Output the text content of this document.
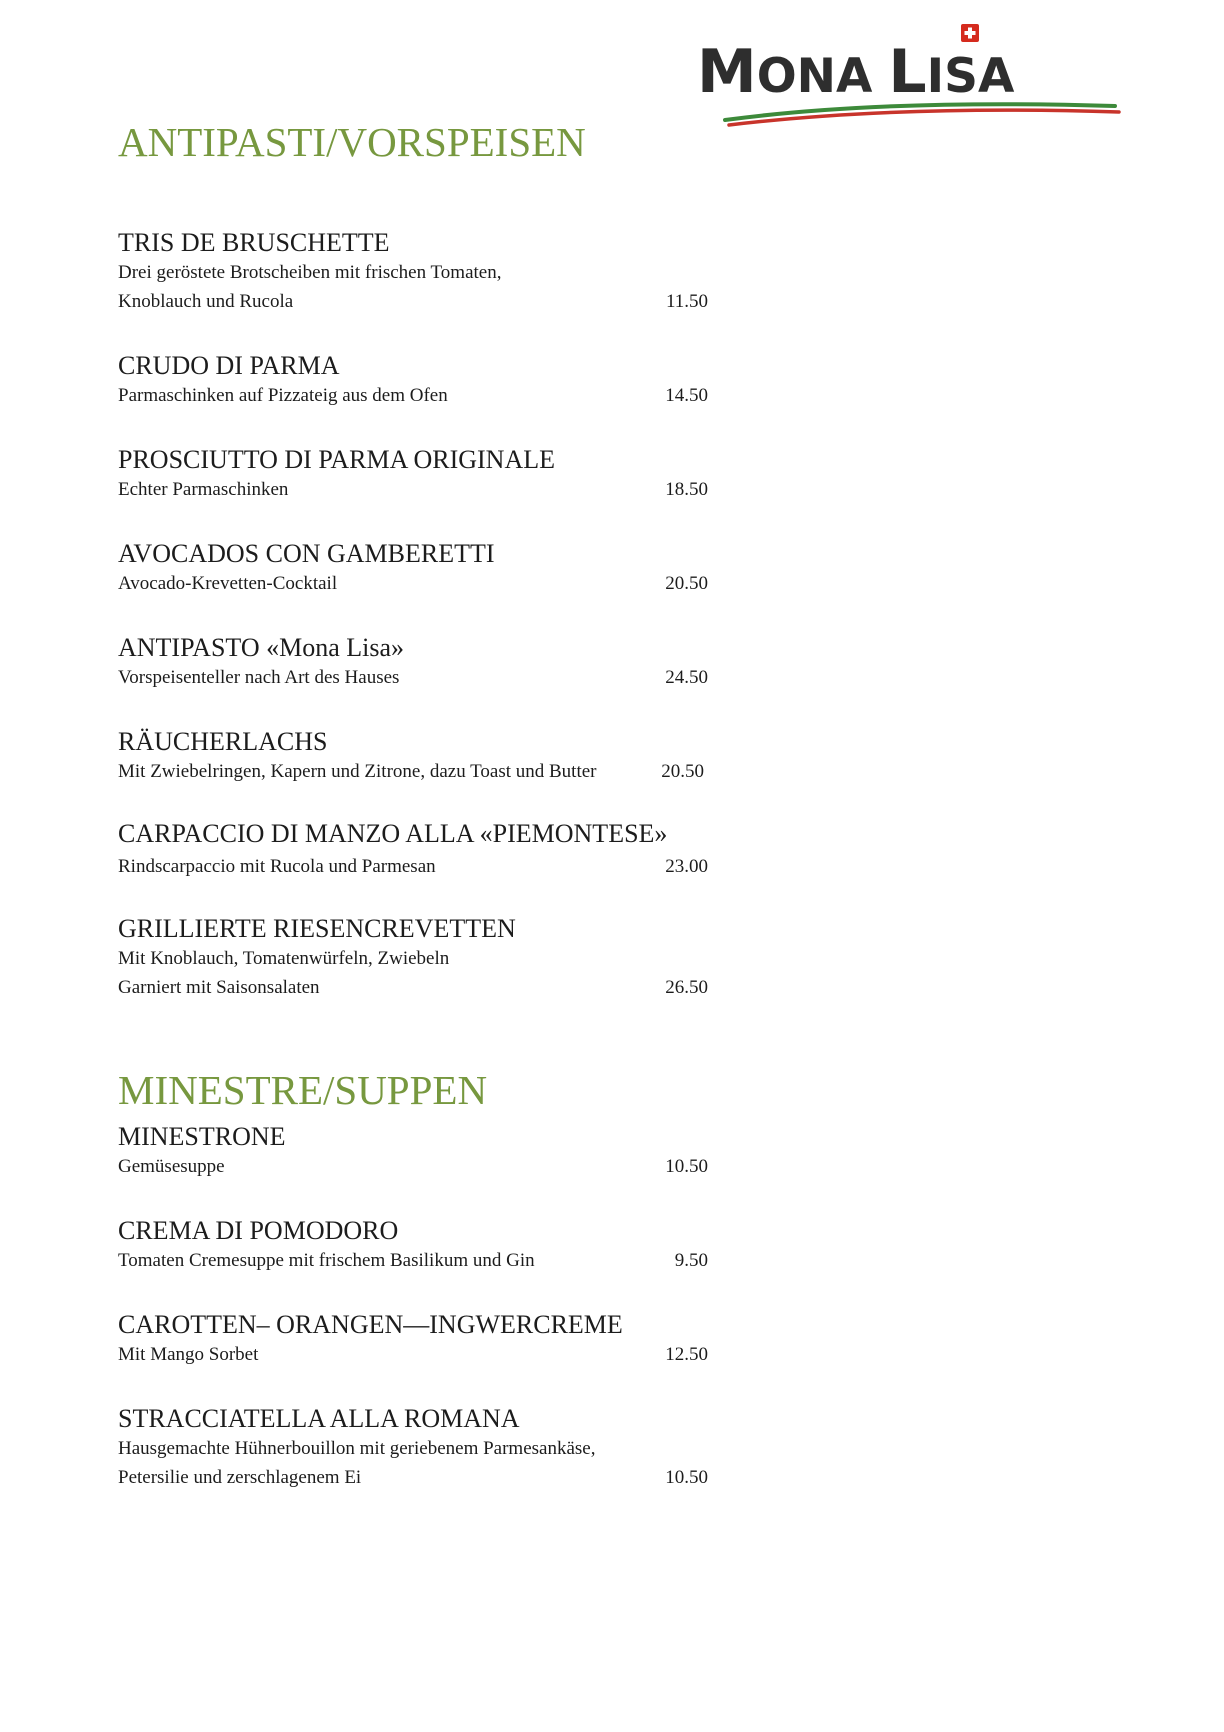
MONA LISA
ANTIPASTI/VORSPEISEN
TRIS DE BRUSCHETTE
Drei geröstete Brotscheiben mit frischen Tomaten,
Knoblauch und Rucola	11.50
CRUDO DI PARMA
Parmaschinken auf Pizzateig aus dem Ofen	14.50
PROSCIUTTO DI PARMA ORIGINALE
Echter Parmaschinken	18.50
AVOCADOS CON GAMBERETTI
Avocado-Krevetten-Cocktail	20.50
ANTIPASTO «Mona Lisa»
Vorspeisenteller nach Art des Hauses	24.50
RÄUCHERLACHS
Mit Zwiebelringen, Kapern und Zitrone, dazu Toast und Butter	20.50
CARPACCIO DI MANZO ALLA «PIEMONTESE»
Rindscarpaccio mit Rucola und Parmesan	23.00
GRILLIERTE RIESENCREVETTEN
Mit Knoblauch, Tomatenwürfeln, Zwiebeln
Garniert mit Saisonsalaten	26.50
MINESTRE/SUPPEN
MINESTRONE
Gemüsesuppe	10.50
CREMA DI POMODORO
Tomaten Cremesuppe mit frischem Basilikum und Gin	9.50
CAROTTEN– ORANGEN—INGWERCREME
Mit Mango Sorbet	12.50
STRACCIATELLA ALLA ROMANA
Hausgemachte Hühnerbouillon mit geriebenem Parmesankäse,
Petersilie und zerschlagenem Ei	10.50
